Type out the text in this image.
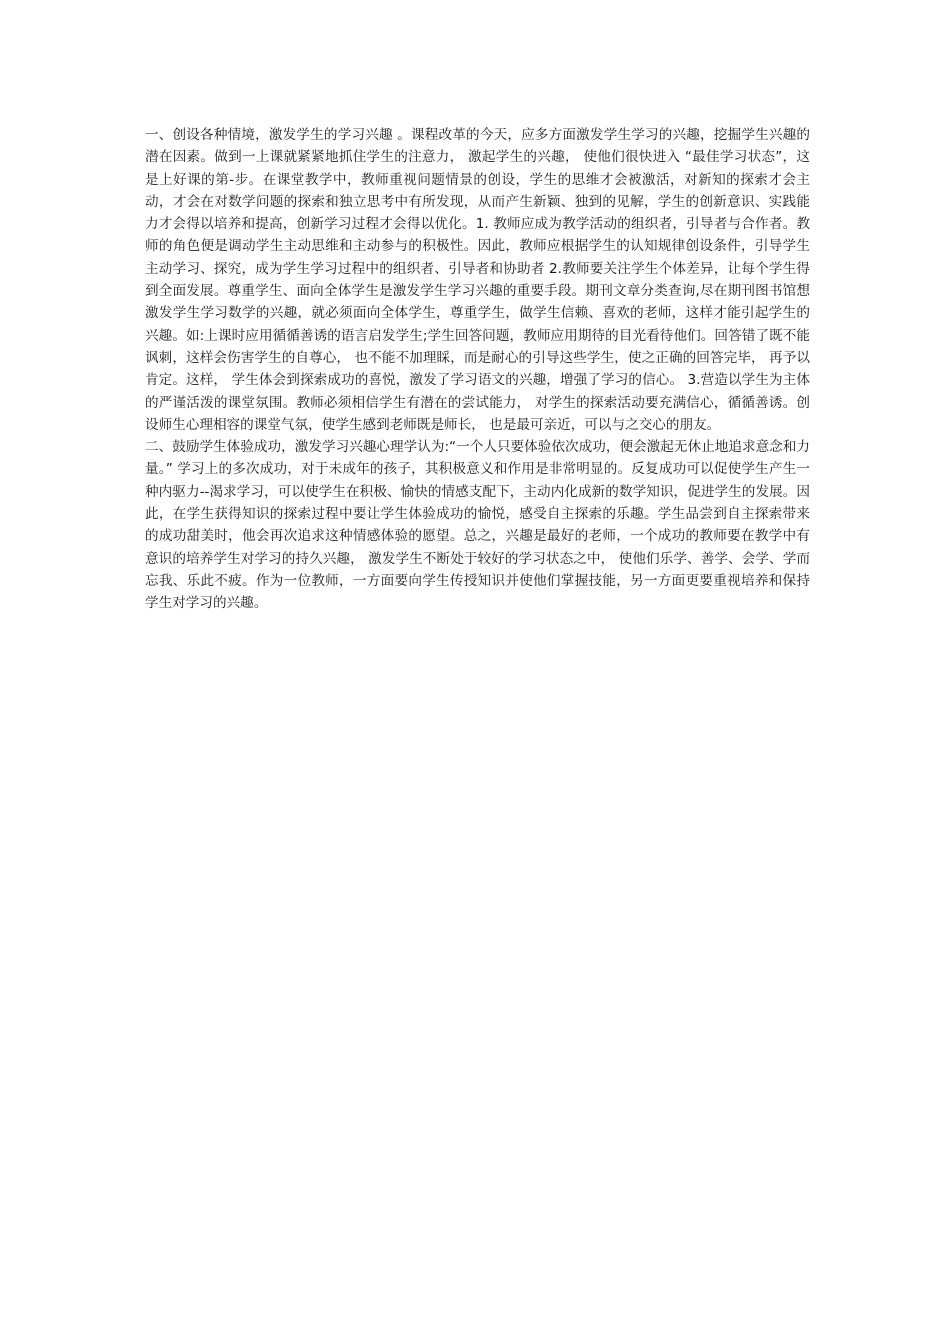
一、创设各种情境，激发学生的学习兴趣 。课程改革的今天，应多方面激发学生学习的兴趣，挖掘学生兴趣的潜在因素。做到一上课就紧紧地抓住学生的注意力， 激起学生的兴趣， 使他们很快进入 “最佳学习状态”，这是上好课的第-步。在课堂教学中，教师重视问题情景的创设，学生的思维才会被激活，对新知的探索才会主动，才会在对数学问题的探索和独立思考中有所发现，从而产生新颖、独到的见解，学生的创新意识、实践能力才会得以培养和提高，创新学习过程才会得以优化。1. 教师应成为教学活动的组织者，引导者与合作者。教师的角色便是调动学生主动思维和主动参与的积极性。因此，教师应根据学生的认知规律创设条件，引导学生主动学习、探究，成为学生学习过程中的组织者、引导者和协助者 2.教师要关注学生个体差异，让每个学生得到全面发展。尊重学生、面向全体学生是激发学生学习兴趣的重要手段。期刊文章分类查询,尽在期刊图书馆想激发学生学习数学的兴趣，就必须面向全体学生，尊重学生，做学生信赖、喜欢的老师，这样才能引起学生的兴趣。如:上课时应用循循善诱的语言启发学生;学生回答问题，教师应用期待的目光看待他们。回答错了既不能讽刺，这样会伤害学生的自尊心， 也不能不加理睬，而是耐心的引导这些学生，使之正确的回答完毕， 再予以肯定。这样， 学生体会到探索成功的喜悦，激发了学习语文的兴趣，增强了学习的信心。 3.营造以学生为主体的严谨活泼的课堂氛围。教师必须相信学生有潜在的尝试能力， 对学生的探索活动要充满信心，循循善诱。创设师生心理相容的课堂气氛，使学生感到老师既是师长， 也是最可亲近，可以与之交心的朋友。

二、鼓励学生体验成功，激发学习兴趣心理学认为:“一个人只要体验依次成功，便会激起无休止地追求意念和力量。” 学习上的多次成功，对于未成年的孩子，其积极意义和作用是非常明显的。反复成功可以促使学生产生一种内驱力--渴求学习，可以使学生在积极、愉快的情感支配下，主动内化成新的数学知识，促进学生的发展。因此，在学生获得知识的探索过程中要让学生体验成功的愉悦，感受自主探索的乐趣。学生品尝到自主探索带来的成功甜美时，他会再次追求这种情感体验的愿望。总之，兴趣是最好的老师，一个成功的教师要在教学中有意识的培养学生对学习的持久兴趣， 激发学生不断处于较好的学习状态之中， 使他们乐学、善学、会学、学而忘我、乐此不疲。作为一位教师，一方面要向学生传授知识并使他们掌握技能，另一方面更要重视培养和保持学生对学习的兴趣。
